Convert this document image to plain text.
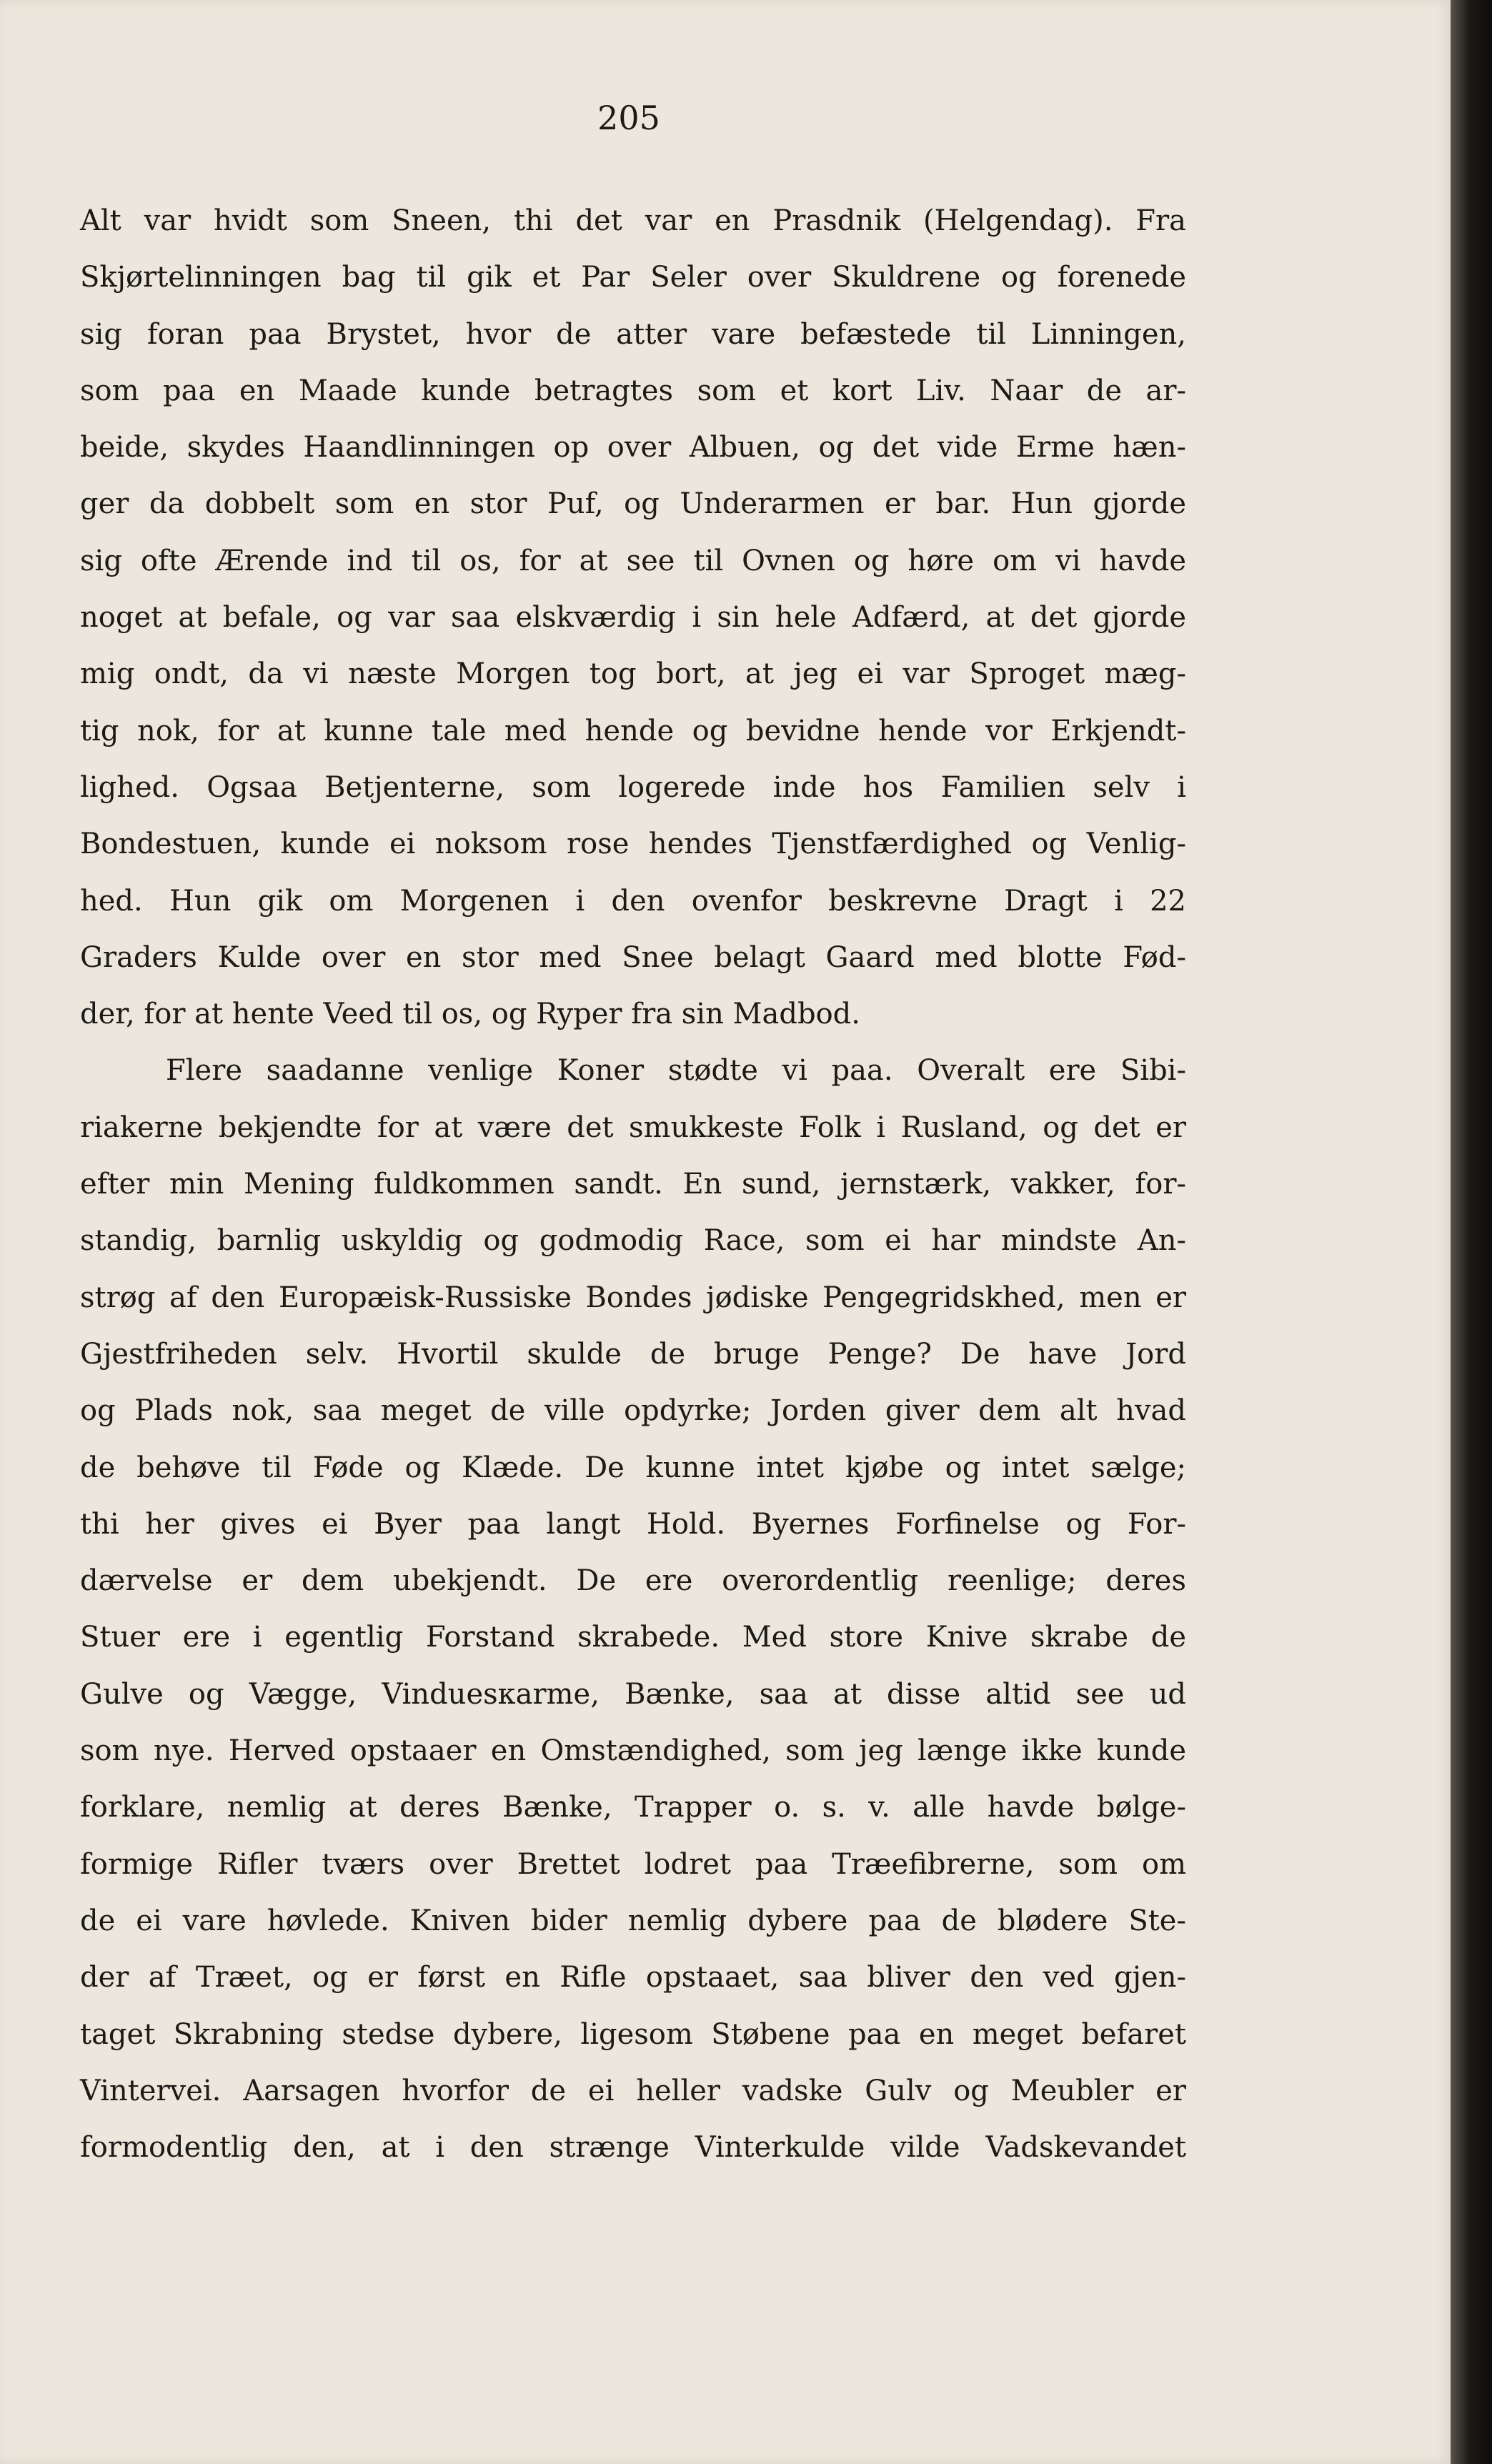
205
Alt var hvidt som Sneen, thi det var en Prasdnik (Helgendag). Fra
Skjørtelinningen bag til gik et Par Seler over Skuldrene og forenede
sig foran paa Brystet, hvor de atter vare befæstede til Linningen,
som paa en Maade kunde betragtes som et kort Liv. Naar de ar-
beide, skydes Haandlinningen op over Albuen, og det vide Erme hæn-
ger da dobbelt som en stor Puf, og Underarmen er bar. Hun gjorde
sig ofte Ærende ind til os, for at see til Ovnen og høre om vi havde
noget at befale, og var saa elskværdig i sin hele Adfærd, at det gjorde
mig ondt, da vi næste Morgen tog bort, at jeg ei var Sproget mæg-
tig nok, for at kunne tale med hende og bevidne hende vor Erkjendt-
lighed. Ogsaa Betjenterne, som logerede inde hos Familien selv i
Bondestuen, kunde ei noksom rose hendes Tjenstfærdighed og Venlig-
hed. Hun gik om Morgenen i den ovenfor beskrevne Dragt i 22
Graders Kulde over en stor med Snee belagt Gaard med blotte Fød-
der, for at hente Veed til os, og Ryper fra sin Madbod.
Flere saadanne venlige Koner stødte vi paa. Overalt ere Sibi-
riakerne bekjendte for at være det smukkeste Folk i Rusland, og det er
efter min Mening fuldkommen sandt. En sund, jernstærk, vakker, for-
standig, barnlig uskyldig og godmodig Race, som ei har mindste An-
strøg af den Europæisk-Russiske Bondes jødiske Pengegridskhed, men er
Gjestfriheden selv. Hvortil skulde de bruge Penge? De have Jord
og Plads nok, saa meget de ville opdyrke; Jorden giver dem alt hvad
de behøve til Føde og Klæde. De kunne intet kjøbe og intet sælge;
thi her gives ei Byer paa langt Hold. Byernes Forfinelse og For-
dærvelse er dem ubekjendt. De ere overordentlig reenlige; deres
Stuer ere i egentlig Forstand skrabede. Med store Knive skrabe de
Gulve og Vægge, Vinduesкarme, Bænke, saa at disse altid see ud
som nye. Herved opstaaer en Omstændighed, som jeg længe ikke kunde
forklare, nemlig at deres Bænke, Trapper o. s. v. alle havde bølge-
formige Rifler tværs over Brettet lodret paa Træefibrerne, som om
de ei vare høvlede. Kniven bider nemlig dybere paa de blødere Ste-
der af Træet, og er først en Rifle opstaaet, saa bliver den ved gjen-
taget Skrabning stedse dybere, ligesom Støbene paa en meget befaret
Vintervei. Aarsagen hvorfor de ei heller vadske Gulv og Meubler er
formodentlig den, at i den strænge Vinterkulde vilde Vadskevandet
